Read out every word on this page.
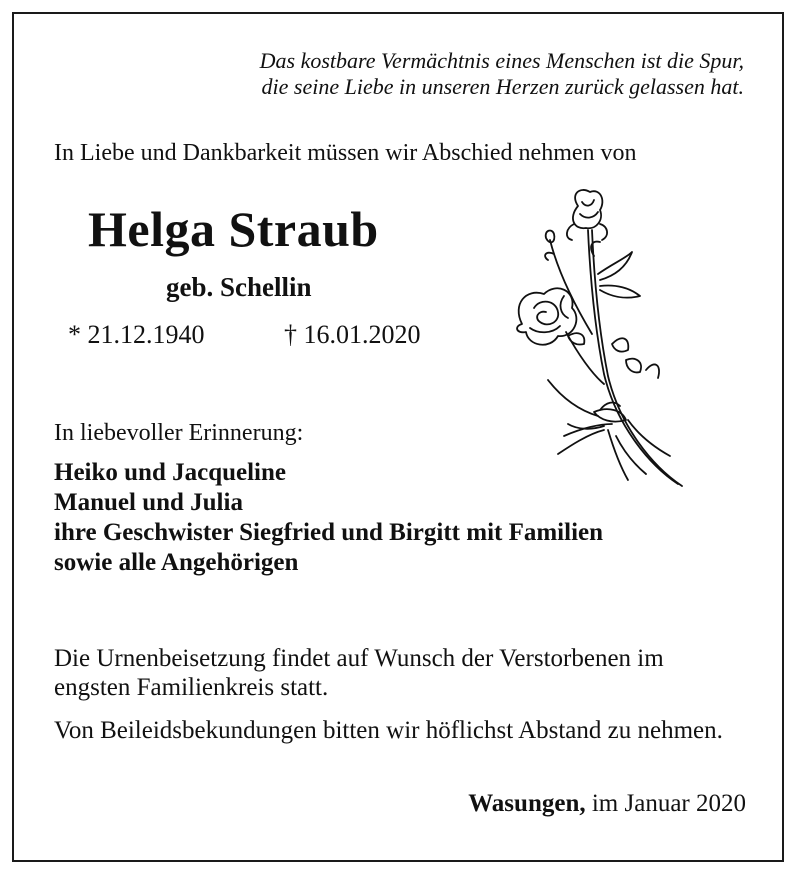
Das kostbare Vermächtnis eines Menschen ist die Spur,
die seine Liebe in unseren Herzen zurück gelassen hat.
In Liebe und Dankbarkeit müssen wir Abschied nehmen von
Helga Straub
geb. Schellin
* 21.12.1940	† 16.01.2020
In liebevoller Erinnerung:
Heiko und Jacqueline
Manuel und Julia
ihre Geschwister Siegfried und Birgitt mit Familien
sowie alle Angehörigen
Die Urnenbeisetzung findet auf Wunsch der Verstorbenen im engsten Familienkreis statt.
Von Beileidsbekundungen bitten wir höflichst Abstand zu nehmen.
Wasungen, im Januar 2020
